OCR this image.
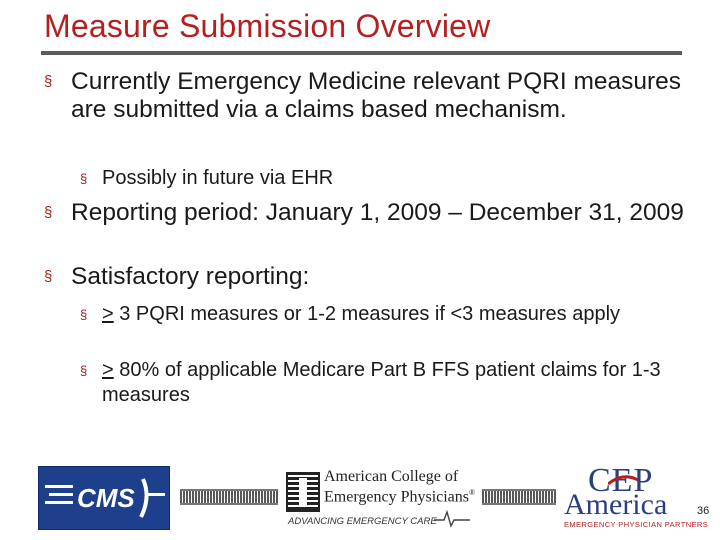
Measure Submission Overview
§ Currently Emergency Medicine relevant PQRI measures are submitted via a claims based mechanism.
§ Possibly in future via EHR
§ Reporting period: January 1, 2009 – December 31, 2009
§ Satisfactory reporting:
§ > 3 PQRI measures or 1-2 measures if <3 measures apply
§ > 80% of applicable Medicare Part B FFS patient claims for 1-3 measures
CMS
American College of
Emergency Physicians®
ADVANCING EMERGENCY CARE
CEP
America
EMERGENCY PHYSICIAN PARTNERS
36
